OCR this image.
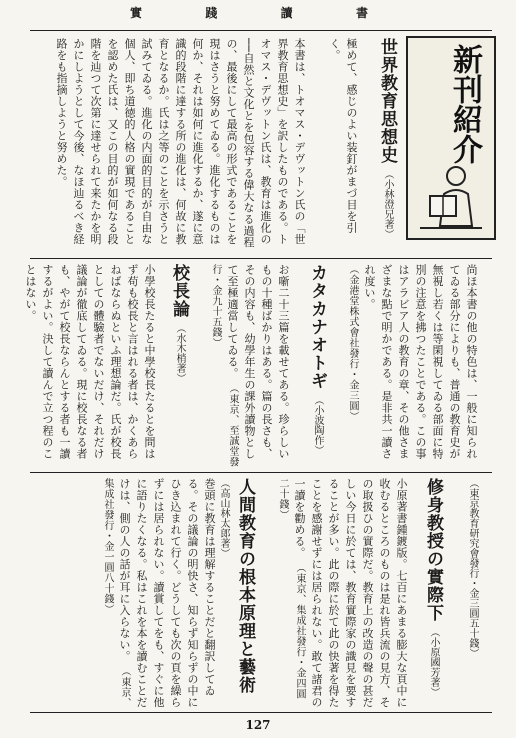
實	踐	讀	書
新刊紹介
世界教育思想史 （小林澄兄著）
極めて、感じのよい装釘がまづ目を引く。
本書は、トオマス・デヴットン氏の「世界教育思想史」を訳したものである。トオマス・デヴットン氏は、教育は進化の──自然と文化とを包容する偉大なる過程の、最後にして最高の形式であることを現はさうと努めてゐる。進化するものは何か、それは如何に進化するか、遂に意識的段階に達する所の進化は、何故に教育となるか。氏は之等のことを示さうと試みてゐる。進化の内面的目的が自由な個人、即ち道徳的人格の實現であることを認めた氏は、又この目的が如何なる段階を辿つて次第に達せられて来たかを明かにしようとして今後、なほ辿るべき経路をも指摘しようと努めた。
尚ほ本書の他の特色は、一般に知られてゐる部分によりも、普通の教育史が無視し若くは等閑視してゐる部面に特別の注意を拂つたことである。この事はアラビア人の教育の章、その他さまざまな點で明かである。是非共一讀され度い。 （金港堂株式會社發行・金三圓）
カタカナオトギ （小波陶作）
お噺二十三篇を載せてある。珍らしいもの十種ばかりはある。篇の長さも、その内容も、幼學年生の課外讀物として至極適當してゐる。 （東京、至誠堂發行・金九十五錢）
校長論 （水木梢著）
小學校長たると中學校長たるとを問はず苟も校長と言はれる者は、かくあらねばならぬといふ理想論だ。氏が校長としての體驗者でないだけ、それだけ議論が徹底してゐる。現に校長なる者も、やがて校長ならんとする者も一讀するがよい。決して讀んで立つ程のことはない。
（東京教育研究會發行・金三圓五十錢）
修身教授の實際下 （小原國芳著）
小原著書鍾鍍版。七百にあまる膨大な頁中に收むるところのものは是れ皆兵流の見方、その取扱ひの實際だ。教育上の改造の聲の甚だしい今日に於ては、教育實際家の識見を要することが多い。此の際に於て此の快著を得たことを感謝せずには居られない。敢て諸君の一讀を勸める。 （東京、集成社發行・金四圓二十錢）
人間教育の根本原理と藝術 （高山林太郎著）
巻頭に教育は理解することだと翻訳してゐる。その議論の明快さ、知らず知らずの中にひき込まれて行く。どうしても次の頁を繰らずには居られない。讀賞してをも、すぐに他に語りたくなる。私はこれを本を讀むことだけは、側の人の話が耳に入らない。 （東京、集成社發行・金一圓八十錢）
127
